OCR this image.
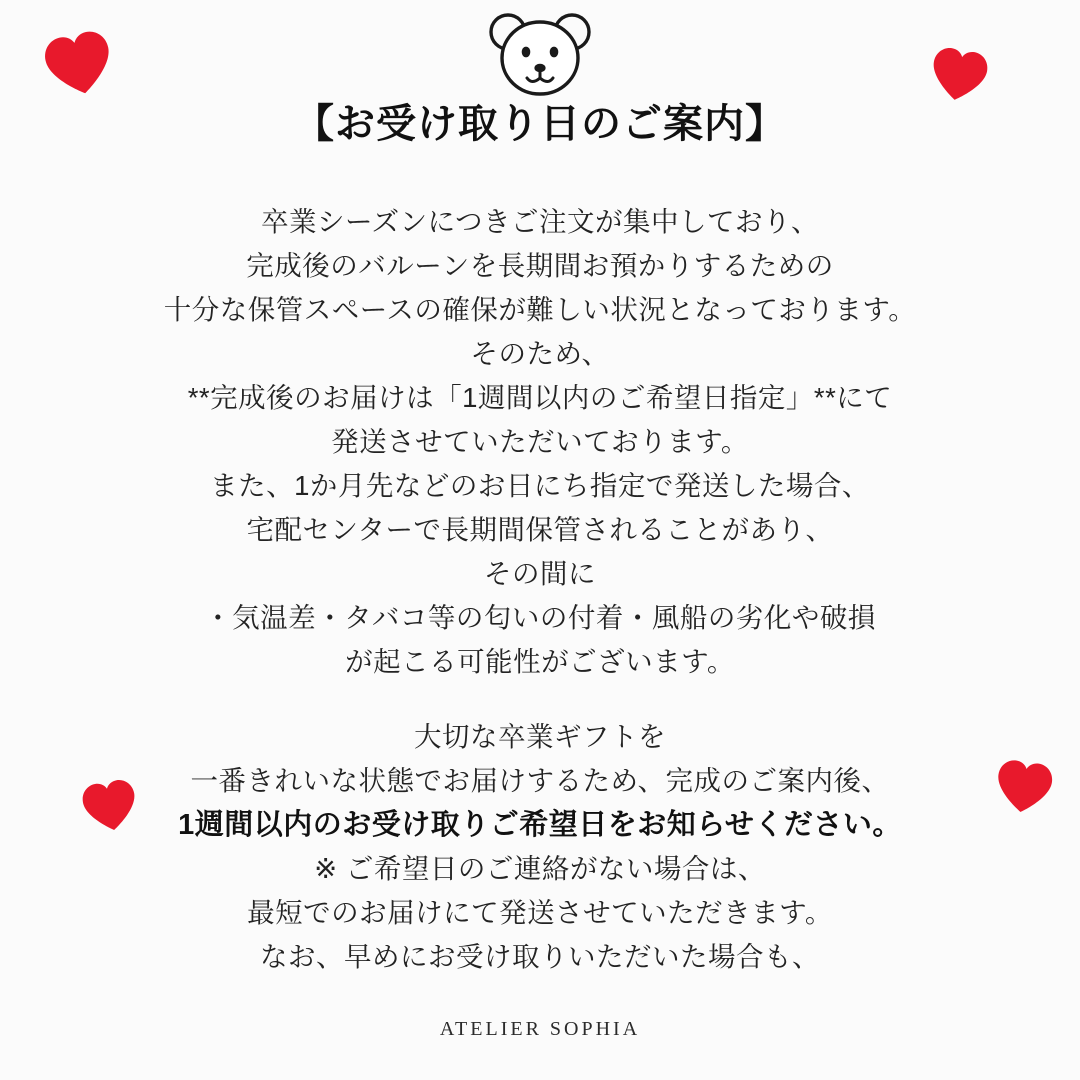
【お受け取り日のご案内】
卒業シーズンにつきご注文が集中しており、
完成後のバルーンを長期間お預かりするための
十分な保管スペースの確保が難しい状況となっております。
そのため、
**完成後のお届けは「1週間以内のご希望日指定」**にて
発送させていただいております。
また、1か月先などのお日にち指定で発送した場合、
宅配センターで長期間保管されることがあり、
その間に
・気温差・タバコ等の匂いの付着・風船の劣化や破損
が起こる可能性がございます。
大切な卒業ギフトを
一番きれいな状態でお届けするため、完成のご案内後、
1週間以内のお受け取りご希望日をお知らせください。
※ ご希望日のご連絡がない場合は、
最短でのお届けにて発送させていただきます。
なお、早めにお受け取りいただいた場合も、
ATELIER SOPHIA
